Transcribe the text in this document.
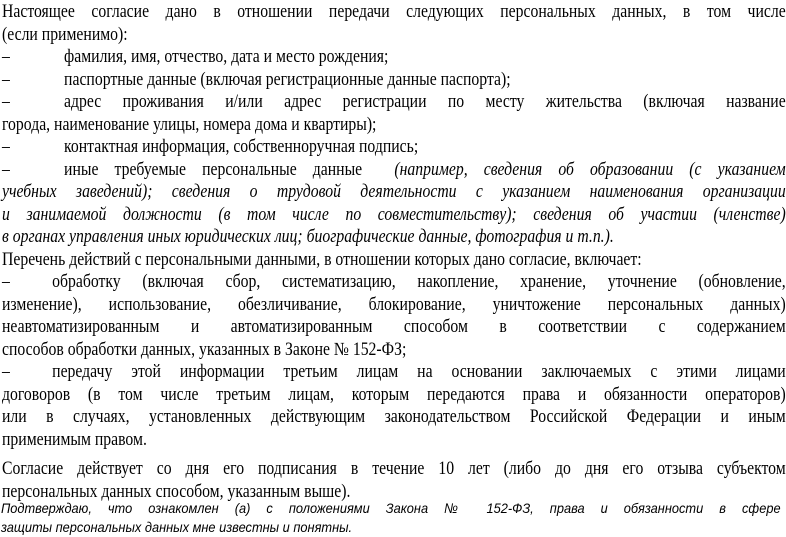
Настоящее согласие дано в отношении передачи следующих персональных данных, в том числе
(если применимо):
–	фамилия, имя, отчество, дата и место рождения;
–	паспортные данные (включая регистрационные данные паспорта);
–	адрес проживания и/или адрес регистрации по месту жительства (включая название
города, наименование улицы, номера дома и квартиры);
–	контактная информация, собственноручная подпись;
–	иные требуемые персональные данные  (например, сведения об образовании (с указанием
учебных заведений); сведения о трудовой деятельности с указанием наименования организации
и занимаемой должности (в том числе по совместительству); сведения об участии (членстве)
в органах управления иных юридических лиц; биографические данные, фотография и т.п.).
Перечень действий с персональными данными, в отношении которых дано согласие, включает:
– обработку (включая сбор, систематизацию, накопление, хранение, уточнение (обновление,
изменение), использование, обезличивание, блокирование, уничтожение персональных данных)
неавтоматизированным и автоматизированным способом в соответствии с содержанием
способов обработки данных, указанных в Законе № 152-ФЗ;
– передачу этой информации третьим лицам на основании заключаемых с этими лицами
договоров (в том числе третьим лицам, которым передаются права и обязанности операторов)
или в случаях, установленных действующим законодательством Российской Федерации и иным
применимым правом.
Согласие действует со дня его подписания в течение 10 лет (либо до дня его отзыва субъектом
персональных данных способом, указанным выше).
Подтверждаю, что ознакомлен (а) с положениями Закона № 152-ФЗ, права и обязанности в сфере
защиты персональных данных мне известны и понятны.
